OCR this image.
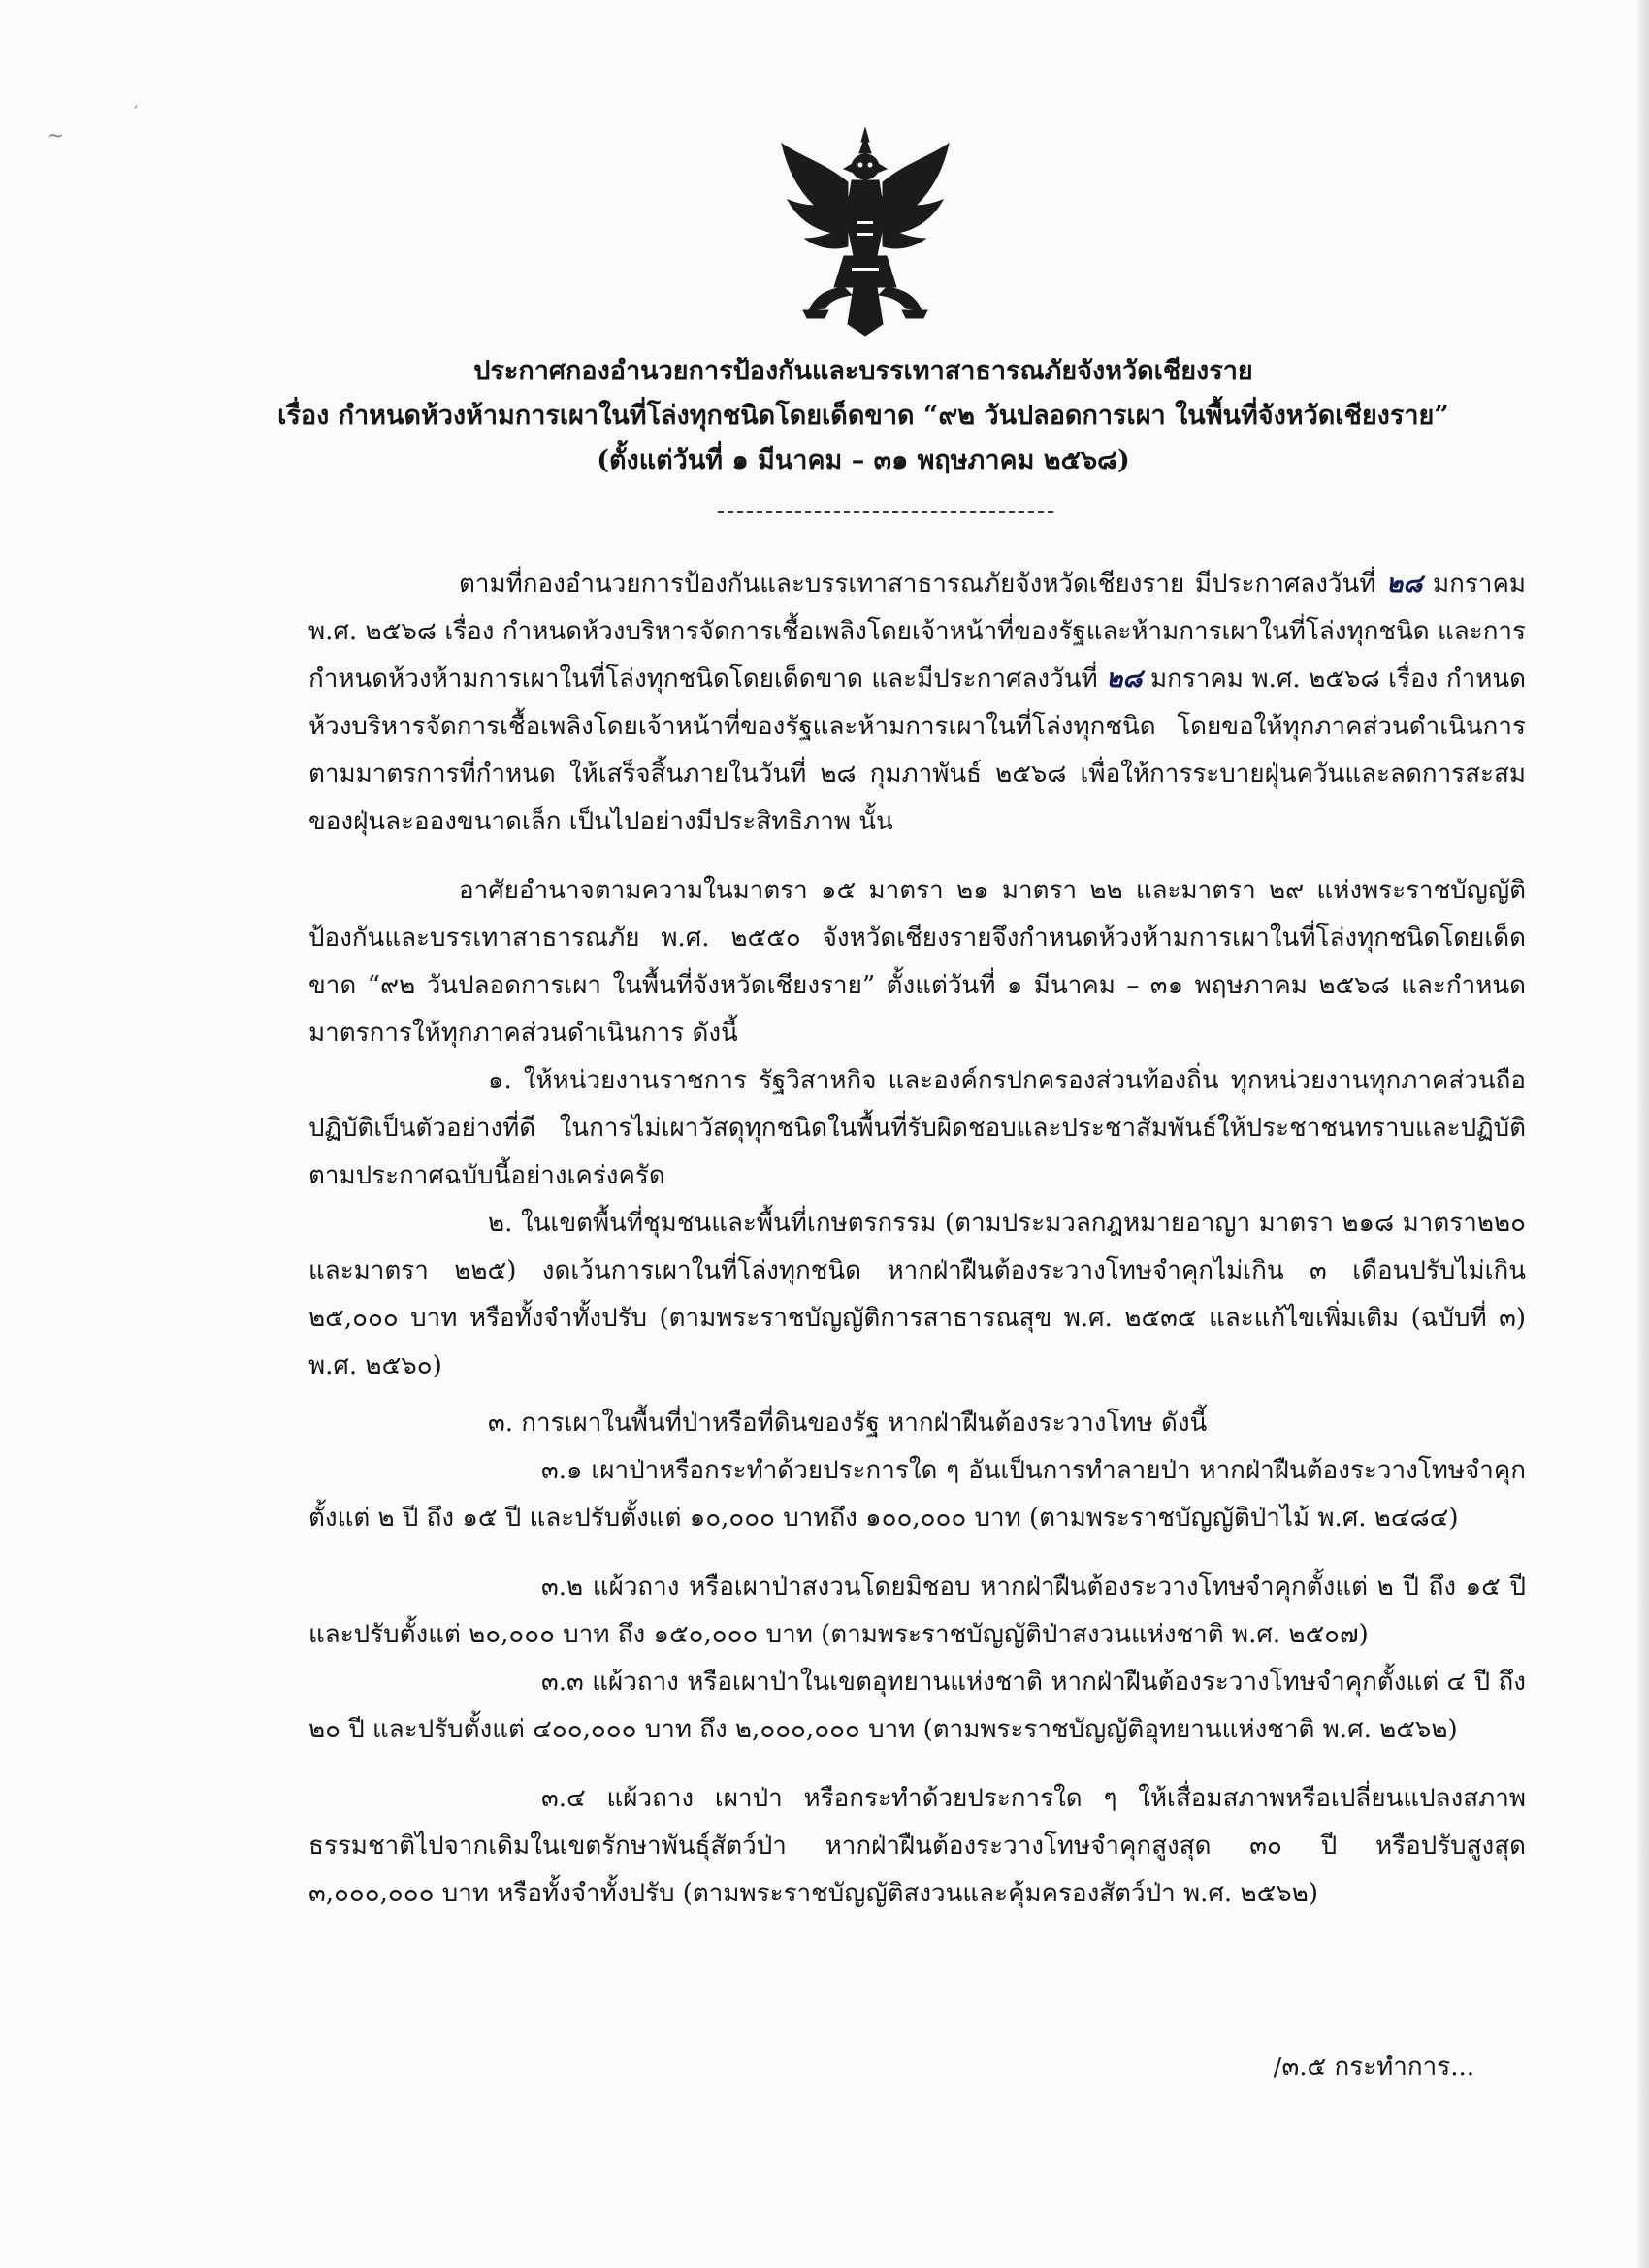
~
,
ประกาศกองอำนวยการป้องกันและบรรเทาสาธารณภัยจังหวัดเชียงราย
เรื่อง กำหนดห้วงห้ามการเผาในที่โล่งทุกชนิดโดยเด็ดขาด “๙๒ วันปลอดการเผา ในพื้นที่จังหวัดเชียงราย”
(ตั้งแต่วันที่ ๑ มีนาคม – ๓๑ พฤษภาคม ๒๕๖๘)

ตามที่กองอำนวยการป้องกันและบรรเทาสาธารณภัยจังหวัดเชียงราย มีประกาศลงวันที่ ๒๘ มกราคม พ.ศ. ๒๕๖๘ เรื่อง กำหนดห้วงบริหารจัดการเชื้อเพลิงโดยเจ้าหน้าที่ของรัฐและห้ามการเผาในที่โล่งทุกชนิด และการกำหนดห้วงห้ามการเผาในที่โล่งทุกชนิดโดยเด็ดขาด และมีประกาศลงวันที่ ๒๘ มกราคม พ.ศ. ๒๕๖๘ เรื่อง กำหนดห้วงบริหารจัดการเชื้อเพลิงโดยเจ้าหน้าที่ของรัฐและห้ามการเผาในที่โล่งทุกชนิด โดยขอให้ทุกภาคส่วนดำเนินการตามมาตรการที่กำหนด ให้เสร็จสิ้นภายในวันที่ ๒๘ กุมภาพันธ์ ๒๕๖๘ เพื่อให้การระบายฝุ่นควันและลดการสะสมของฝุ่นละอองขนาดเล็ก เป็นไปอย่างมีประสิทธิภาพ นั้น

อาศัยอำนาจตามความในมาตรา ๑๕ มาตรา ๒๑ มาตรา ๒๒ และมาตรา ๒๙ แห่งพระราชบัญญัติป้องกันและบรรเทาสาธารณภัย พ.ศ. ๒๕๕๐ จังหวัดเชียงรายจึงกำหนดห้วงห้ามการเผาในที่โล่งทุกชนิดโดยเด็ดขาด “๙๒ วันปลอดการเผา ในพื้นที่จังหวัดเชียงราย” ตั้งแต่วันที่ ๑ มีนาคม – ๓๑ พฤษภาคม ๒๕๖๘ และกำหนดมาตรการให้ทุกภาคส่วนดำเนินการ ดังนี้

๑. ให้หน่วยงานราชการ รัฐวิสาหกิจ และองค์กรปกครองส่วนท้องถิ่น ทุกหน่วยงานทุกภาคส่วนถือปฏิบัติเป็นตัวอย่างที่ดี ในการไม่เผาวัสดุทุกชนิดในพื้นที่รับผิดชอบและประชาสัมพันธ์ให้ประชาชนทราบและปฏิบัติตามประกาศฉบับนี้อย่างเคร่งครัด

๒. ในเขตพื้นที่ชุมชนและพื้นที่เกษตรกรรม (ตามประมวลกฎหมายอาญา มาตรา ๒๑๘ มาตรา๒๒๐ และมาตรา ๒๒๕) งดเว้นการเผาในที่โล่งทุกชนิด หากฝ่าฝืนต้องระวางโทษจำคุกไม่เกิน ๓ เดือนปรับไม่เกิน ๒๕,๐๐๐ บาท หรือทั้งจำทั้งปรับ (ตามพระราชบัญญัติการสาธารณสุข พ.ศ. ๒๕๓๕ และแก้ไขเพิ่มเติม (ฉบับที่ ๓) พ.ศ. ๒๕๖๐)

๓. การเผาในพื้นที่ป่าหรือที่ดินของรัฐ หากฝ่าฝืนต้องระวางโทษ ดังนี้

๓.๑ เผาป่าหรือกระทำด้วยประการใด ๆ อันเป็นการทำลายป่า หากฝ่าฝืนต้องระวางโทษจำคุกตั้งแต่ ๒ ปี ถึง ๑๕ ปี และปรับตั้งแต่ ๑๐,๐๐๐ บาทถึง ๑๐๐,๐๐๐ บาท (ตามพระราชบัญญัติป่าไม้ พ.ศ. ๒๔๘๔)

๓.๒ แผ้วถาง หรือเผาป่าสงวนโดยมิชอบ หากฝ่าฝืนต้องระวางโทษจำคุกตั้งแต่ ๒ ปี ถึง ๑๕ ปี และปรับตั้งแต่ ๒๐,๐๐๐ บาท ถึง ๑๕๐,๐๐๐ บาท (ตามพระราชบัญญัติป่าสงวนแห่งชาติ พ.ศ. ๒๕๐๗)

๓.๓ แผ้วถาง หรือเผาป่าในเขตอุทยานแห่งชาติ หากฝ่าฝืนต้องระวางโทษจำคุกตั้งแต่ ๔ ปี ถึง ๒๐ ปี และปรับตั้งแต่ ๔๐๐,๐๐๐ บาท ถึง ๒,๐๐๐,๐๐๐ บาท (ตามพระราชบัญญัติอุทยานแห่งชาติ พ.ศ. ๒๕๖๒)

๓.๔ แผ้วถาง เผาป่า หรือกระทำด้วยประการใด ๆ ให้เสื่อมสภาพหรือเปลี่ยนแปลงสภาพธรรมชาติไปจากเดิมในเขตรักษาพันธุ์สัตว์ป่า หากฝ่าฝืนต้องระวางโทษจำคุกสูงสุด ๓๐ ปี หรือปรับสูงสุด ๓,๐๐๐,๐๐๐ บาท หรือทั้งจำทั้งปรับ (ตามพระราชบัญญัติสงวนและคุ้มครองสัตว์ป่า พ.ศ. ๒๕๖๒)

/๓.๕ กระทำการ...
